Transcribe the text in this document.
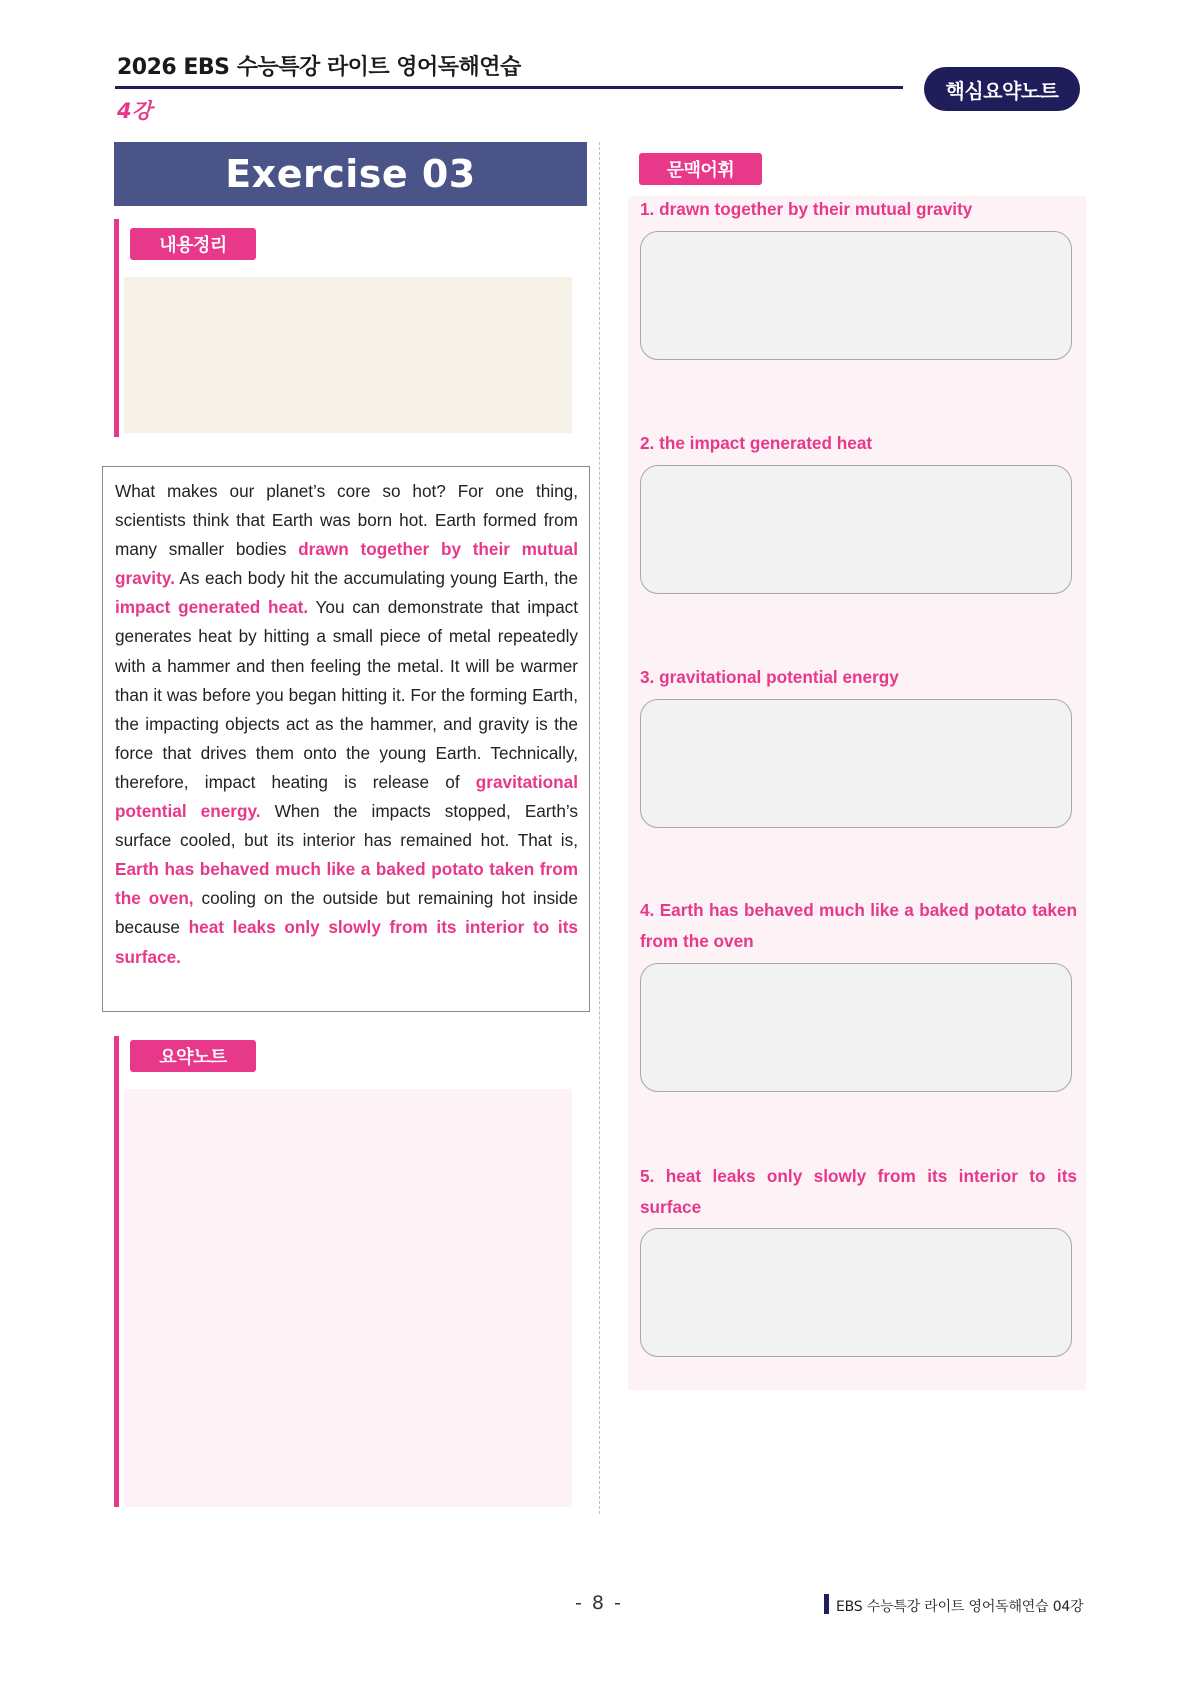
2026 EBS 수능특강 라이트 영어독해연습
4강
핵심요약노트
Exercise 03
내용정리
What makes our planet’s core so hot? For one thing, scientists think that Earth was born hot. Earth formed from many smaller bodies drawn together by their mutual gravity. As each body hit the accumulating young Earth, the impact generated heat. You can demonstrate that impact generates heat by hitting a small piece of metal repeatedly with a hammer and then feeling the metal. It will be warmer than it was before you began hitting it. For the forming Earth, the impacting objects act as the hammer, and gravity is the force that drives them onto the young Earth. Technically, therefore, impact heating is release of gravitational potential energy. When the impacts stopped, Earth’s surface cooled, but its interior has remained hot. That is, Earth has behaved much like a baked potato taken from the oven, cooling on the outside but remaining hot inside because heat leaks only slowly from its interior to its surface.
요약노트
문맥어휘
1. drawn together by their mutual gravity
2. the impact generated heat
3. gravitational potential energy
4. Earth has behaved much like a baked potato taken from the oven
5. heat leaks only slowly from its interior to its surface
- 8 -	EBS 수능특강 라이트 영어독해연습 04강
